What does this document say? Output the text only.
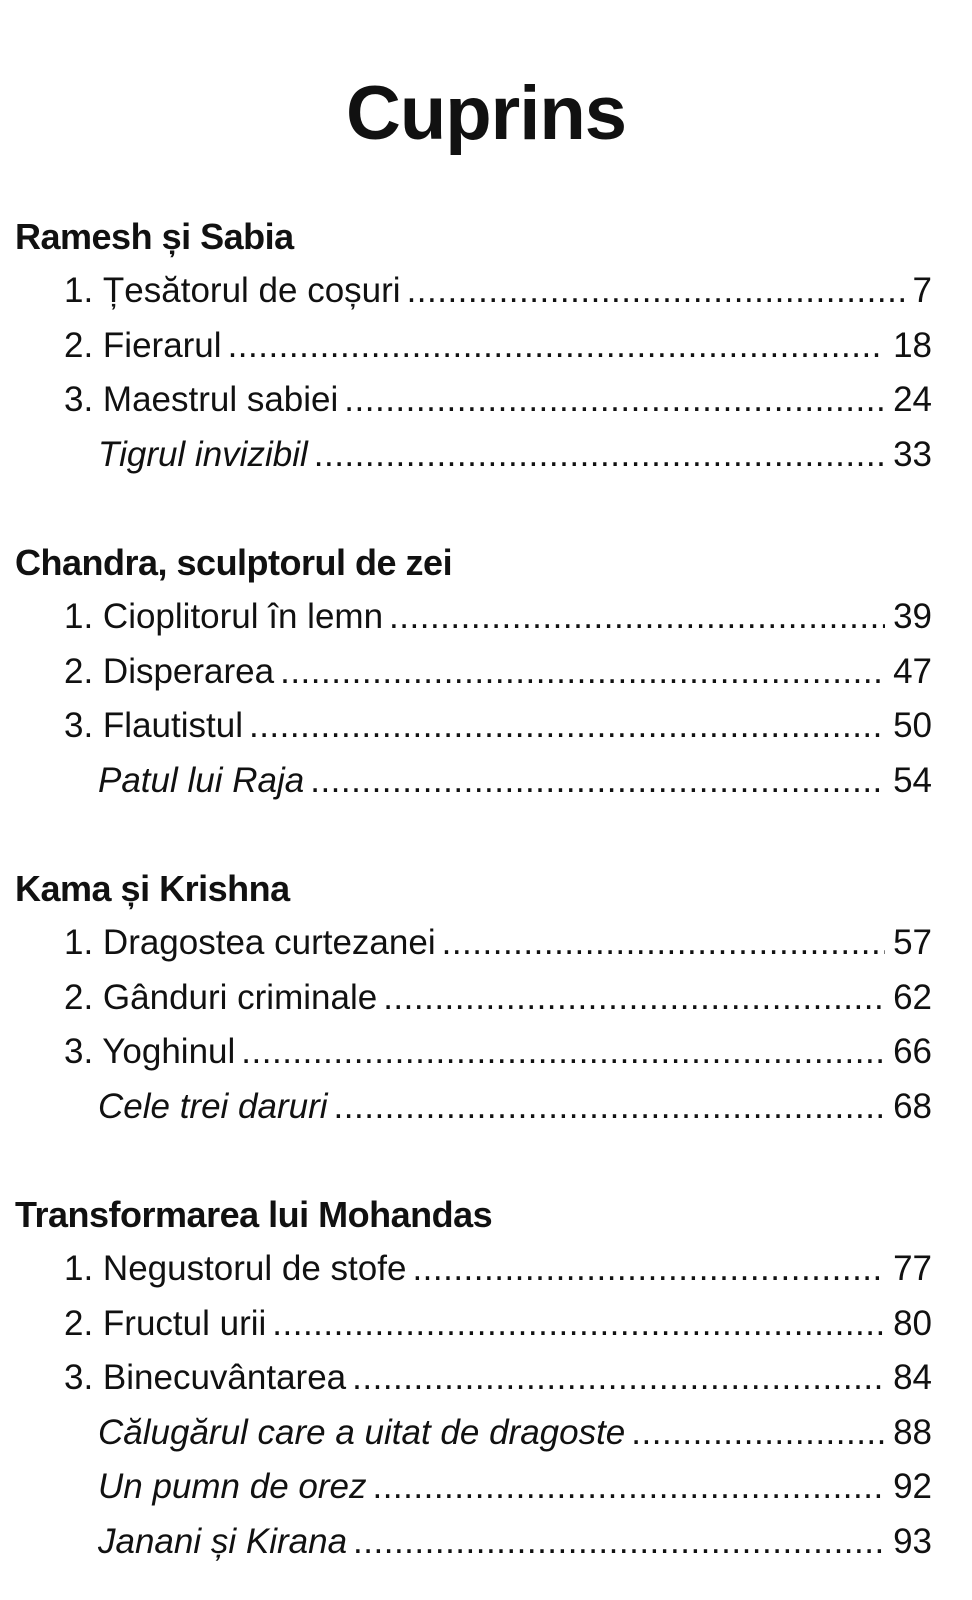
Cuprins
Ramesh și Sabia
1. Țesătorul de coșuri .....	7
2. Fierarul .....	18
3. Maestrul sabiei .....	24
Tigrul invizibil .....	33
Chandra, sculptorul de zei
1. Cioplitorul în lemn .....	39
2. Disperarea .....	47
3. Flautistul .....	50
Patul lui Raja .....	54
Kama și Krishna
1. Dragostea curtezanei .....	57
2. Gânduri criminale .....	62
3. Yoghinul .....	66
Cele trei daruri .....	68
Transformarea lui Mohandas
1. Negustorul de stofe .....	77
2. Fructul urii .....	80
3. Binecuvântarea .....	84
Călugărul care a uitat de dragoste .....	88
Un pumn de orez .....	92
Janani și Kirana .....	93
